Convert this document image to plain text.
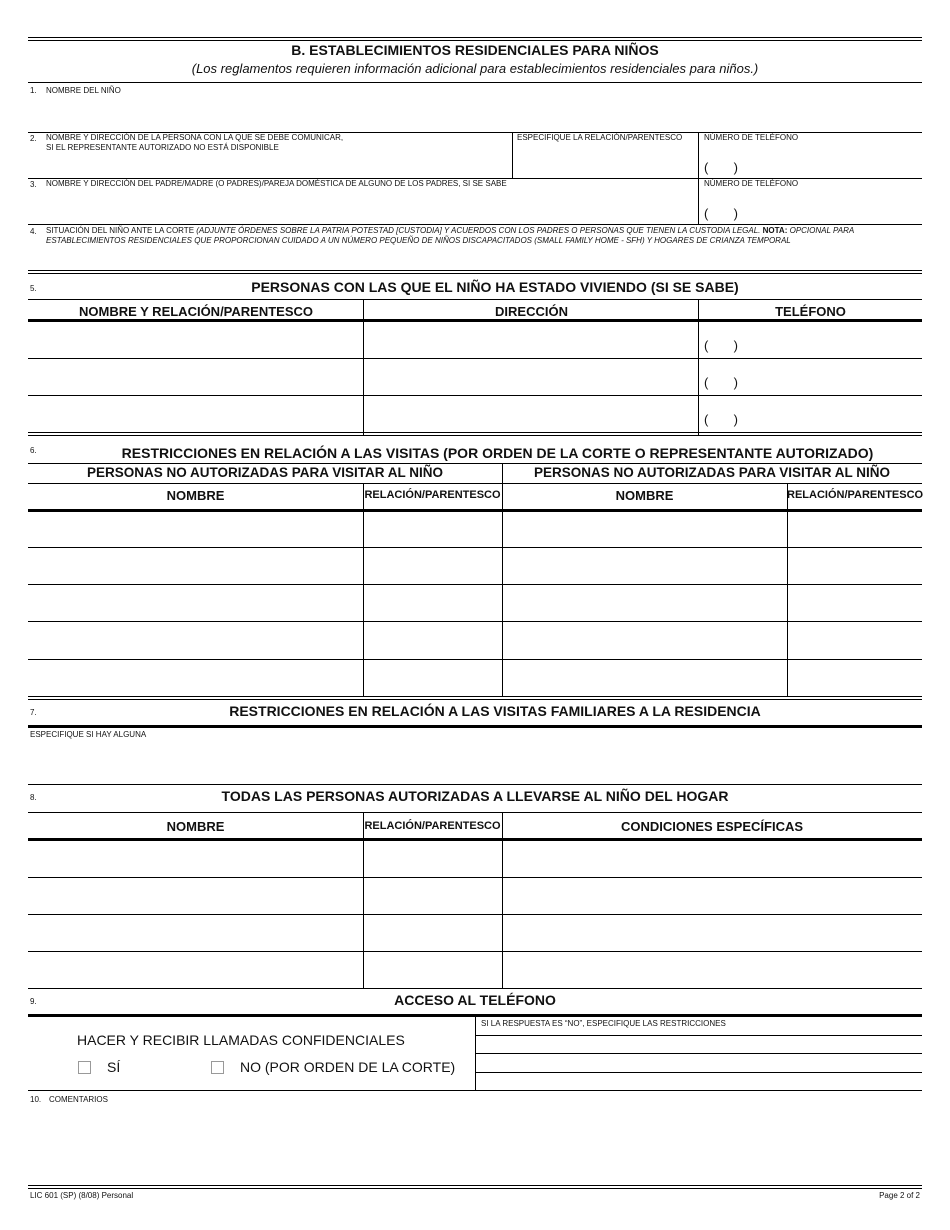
B. ESTABLECIMIENTOS RESIDENCIALES PARA NIÑOS
(Los reglamentos requieren información adicional para establecimientos residenciales para niños.)
1. NOMBRE DEL NIÑO
2. NOMBRE Y DIRECCIÓN DE LA PERSONA CON LA QUE SE DEBE COMUNICAR,
SI EL REPRESENTANTE AUTORIZADO NO ESTÁ DISPONIBLE
ESPECIFIQUE LA RELACIÓN/PARENTESCO	NÚMERO DE TELÉFONO
(       )
3. NOMBRE Y DIRECCIÓN DEL PADRE/MADRE (O PADRES)/PAREJA DOMÉSTICA DE ALGUNO DE LOS PADRES, SI SE SABE	NÚMERO DE TELÉFONO
(       )
4. SITUACIÓN DEL NIÑO ANTE LA CORTE (ADJUNTE ÓRDENES SOBRE LA PATRIA POTESTAD [CUSTODIA] Y ACUERDOS CON LOS PADRES O PERSONAS QUE TIENEN LA CUSTODIA LEGAL. NOTA: OPCIONAL PARA
ESTABLECIMIENTOS RESIDENCIALES QUE PROPORCIONAN CUIDADO A UN NÚMERO PEQUEÑO DE NIÑOS DISCAPACITADOS (SMALL FAMILY HOME - SFH) Y HOGARES DE CRIANZA TEMPORAL
5.	PERSONAS CON LAS QUE EL NIÑO HA ESTADO VIVIENDO (SI SE SABE)
NOMBRE Y RELACIÓN/PARENTESCO	DIRECCIÓN	TELÉFONO
(       )
(       )
(       )
6.	RESTRICCIONES EN RELACIÓN A LAS VISITAS (POR ORDEN DE LA CORTE O REPRESENTANTE AUTORIZADO)
PERSONAS NO AUTORIZADAS PARA VISITAR AL NIÑO	PERSONAS NO AUTORIZADAS PARA VISITAR AL NIÑO
NOMBRE	RELACIÓN/PARENTESCO	NOMBRE	RELACIÓN/PARENTESCO
7.	RESTRICCIONES EN RELACIÓN A LAS VISITAS FAMILIARES A LA RESIDENCIA
ESPECIFIQUE SI HAY ALGUNA
8.	TODAS LAS PERSONAS AUTORIZADAS A LLEVARSE AL NIÑO DEL HOGAR
NOMBRE	RELACIÓN/PARENTESCO	CONDICIONES ESPECÍFICAS
9.	ACCESO AL TELÉFONO
SI LA RESPUESTA ES “NO”, ESPECIFIQUE LAS RESTRICCIONES
HACER Y RECIBIR LLAMADAS CONFIDENCIALES
SÍ	NO (POR ORDEN DE LA CORTE)
10. COMENTARIOS
LIC 601 (SP) (8/08) Personal	Page 2 of 2
